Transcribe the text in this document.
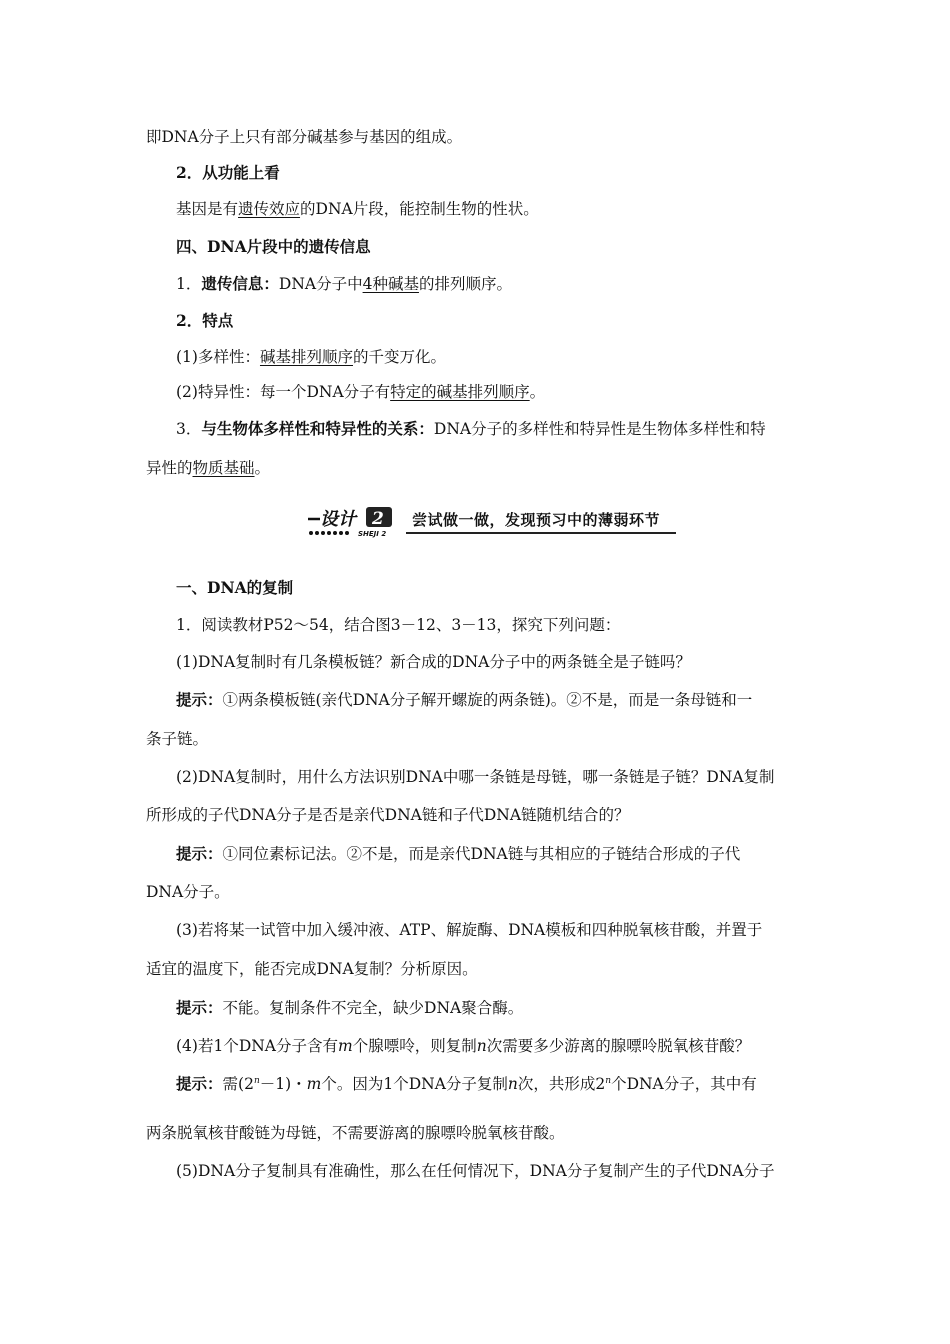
即DNA分子上只有部分碱基参与基因的组成。
2．从功能上看
基因是有遗传效应的DNA片段，能控制生物的性状。
四、DNA片段中的遗传信息
1．遗传信息：DNA分子中4种碱基的排列顺序。
2．特点
(1)多样性：碱基排列顺序的千变万化。
(2)特异性：每一个DNA分子有特定的碱基排列顺序。
3．与生物体多样性和特异性的关系：DNA分子的多样性和特异性是生物体多样性和特
异性的物质基础。
设计 2
SHEJI 2
尝试做一做，发现预习中的薄弱环节
一、DNA的复制
1．阅读教材P52～54，结合图3－12、3－13，探究下列问题：
(1)DNA复制时有几条模板链？新合成的DNA分子中的两条链全是子链吗？
提示：①两条模板链(亲代DNA分子解开螺旋的两条链)。②不是，而是一条母链和一
条子链。
(2)DNA复制时，用什么方法识别DNA中哪一条链是母链，哪一条链是子链？DNA复制
所形成的子代DNA分子是否是亲代DNA链和子代DNA链随机结合的？
提示：①同位素标记法。②不是，而是亲代DNA链与其相应的子链结合形成的子代
DNA分子。
(3)若将某一试管中加入缓冲液、ATP、解旋酶、DNA模板和四种脱氧核苷酸，并置于
适宜的温度下，能否完成DNA复制？分析原因。
提示：不能。复制条件不完全，缺少DNA聚合酶。
(4)若1个DNA分子含有m个腺嘌呤，则复制n次需要多少游离的腺嘌呤脱氧核苷酸？
提示：需$(2^n-1)$・m个。因为1个DNA分子复制n次，共形成2$^n$个DNA分子，其中有
两条脱氧核苷酸链为母链，不需要游离的腺嘌呤脱氧核苷酸。
(5)DNA分子复制具有准确性，那么在任何情况下，DNA分子复制产生的子代DNA分子
